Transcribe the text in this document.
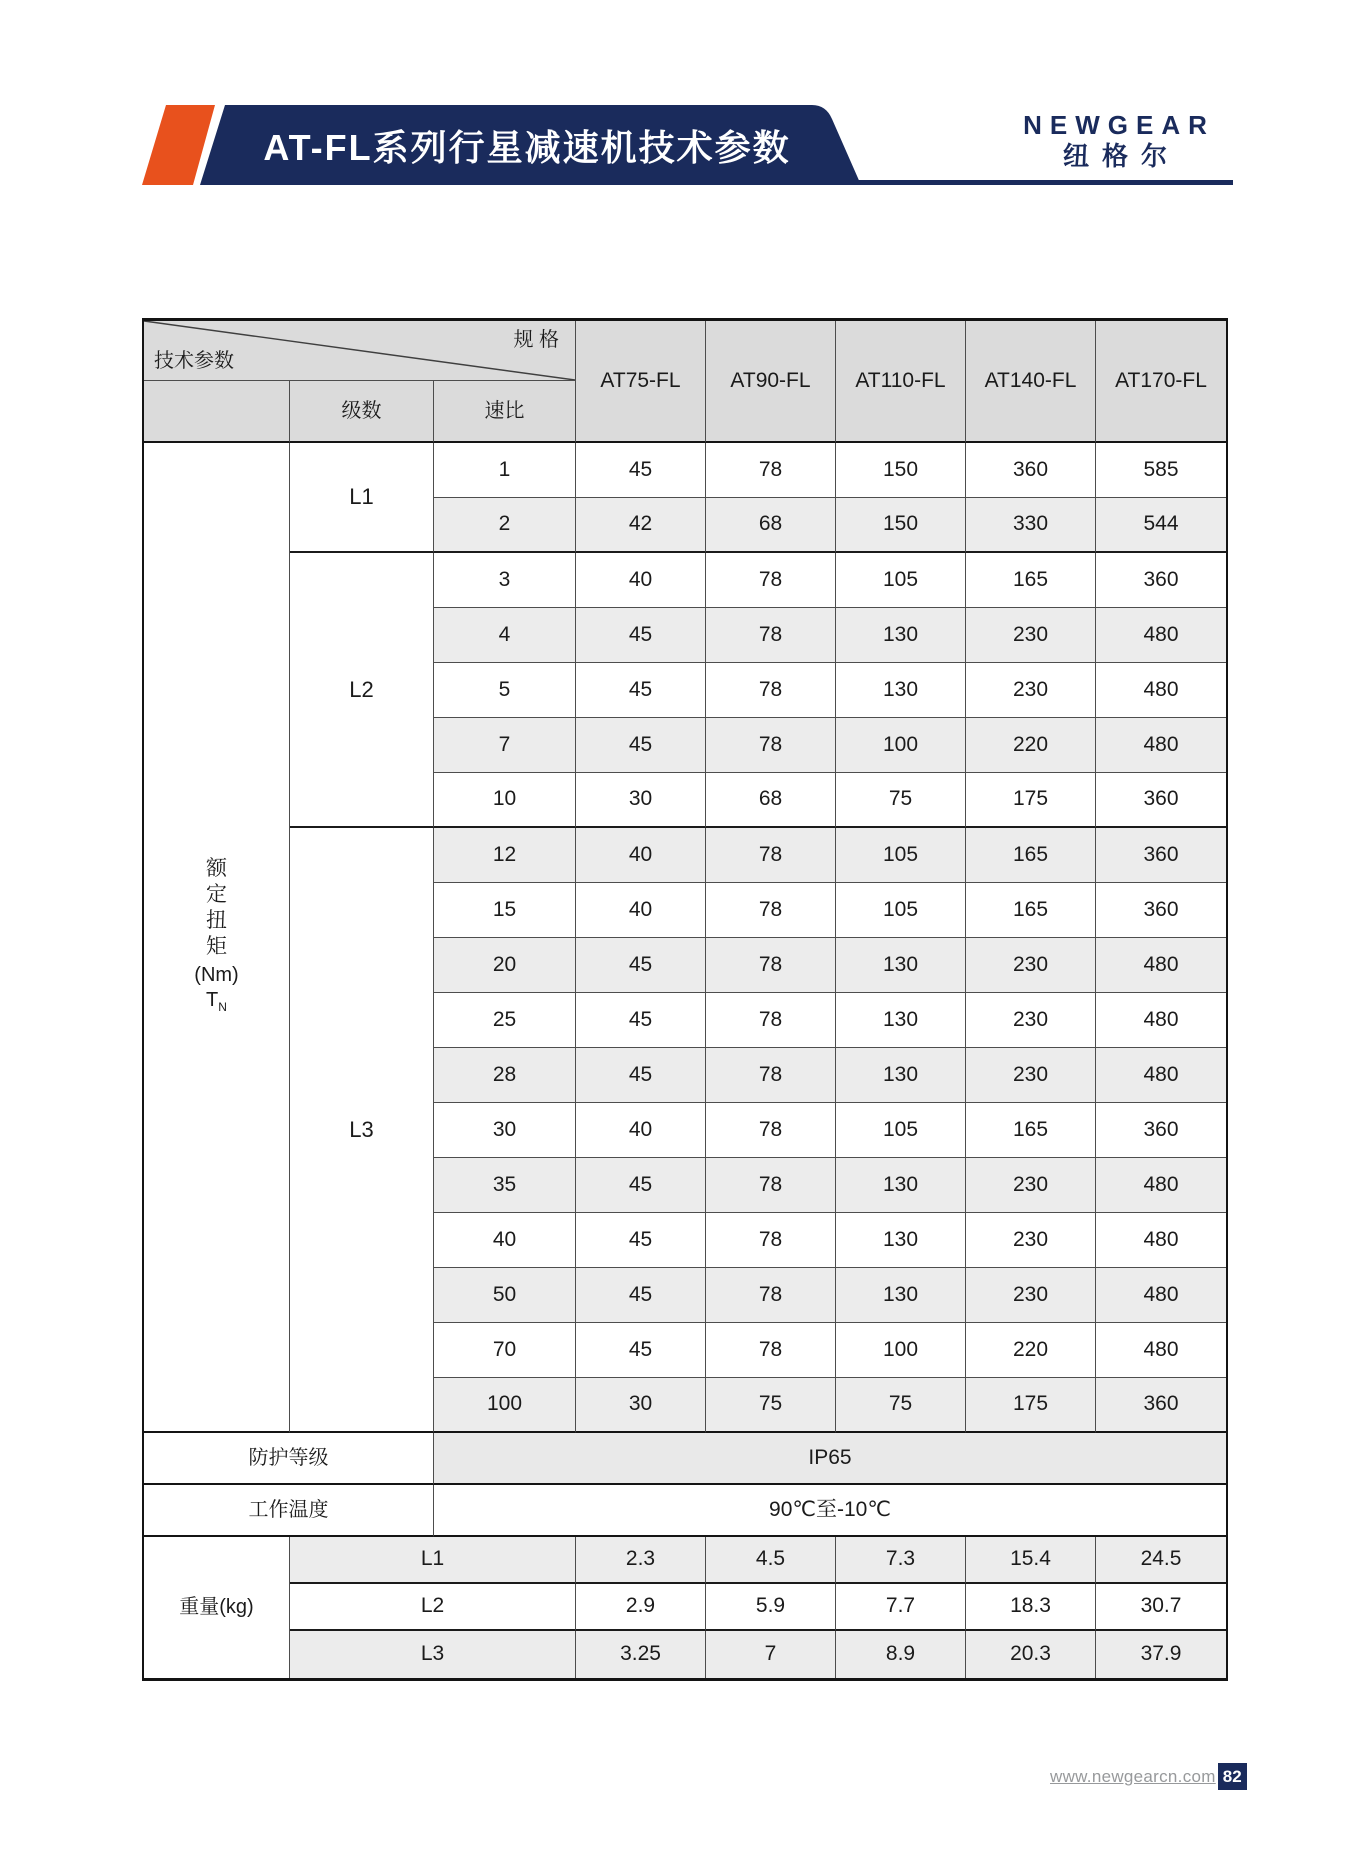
AT-FL系列行星减速机技术参数
NEWGEAR
纽格尔
技术参数
规 格
级数	速比
AT75-FL	AT90-FL	AT110-FL	AT140-FL	AT170-FL
额
定
扭
矩
(Nm)
$T_N$
L1
1	45	78	150	360	585
2	42	68	150	330	544
L2
3	40	78	105	165	360
4	45	78	130	230	480
5	45	78	130	230	480
7	45	78	100	220	480
10	30	68	75	175	360
L3
12	40	78	105	165	360
15	40	78	105	165	360
20	45	78	130	230	480
25	45	78	130	230	480
28	45	78	130	230	480
30	40	78	105	165	360
35	45	78	130	230	480
40	45	78	130	230	480
50	45	78	130	230	480
70	45	78	100	220	480
100	30	75	75	175	360
防护等级	IP65
工作温度	90℃至-10℃
重量(kg)
L1	2.3	4.5	7.3	15.4	24.5
L2	2.9	5.9	7.7	18.3	30.7
L3	3.25	7	8.9	20.3	37.9
www.newgearcn.com 82
